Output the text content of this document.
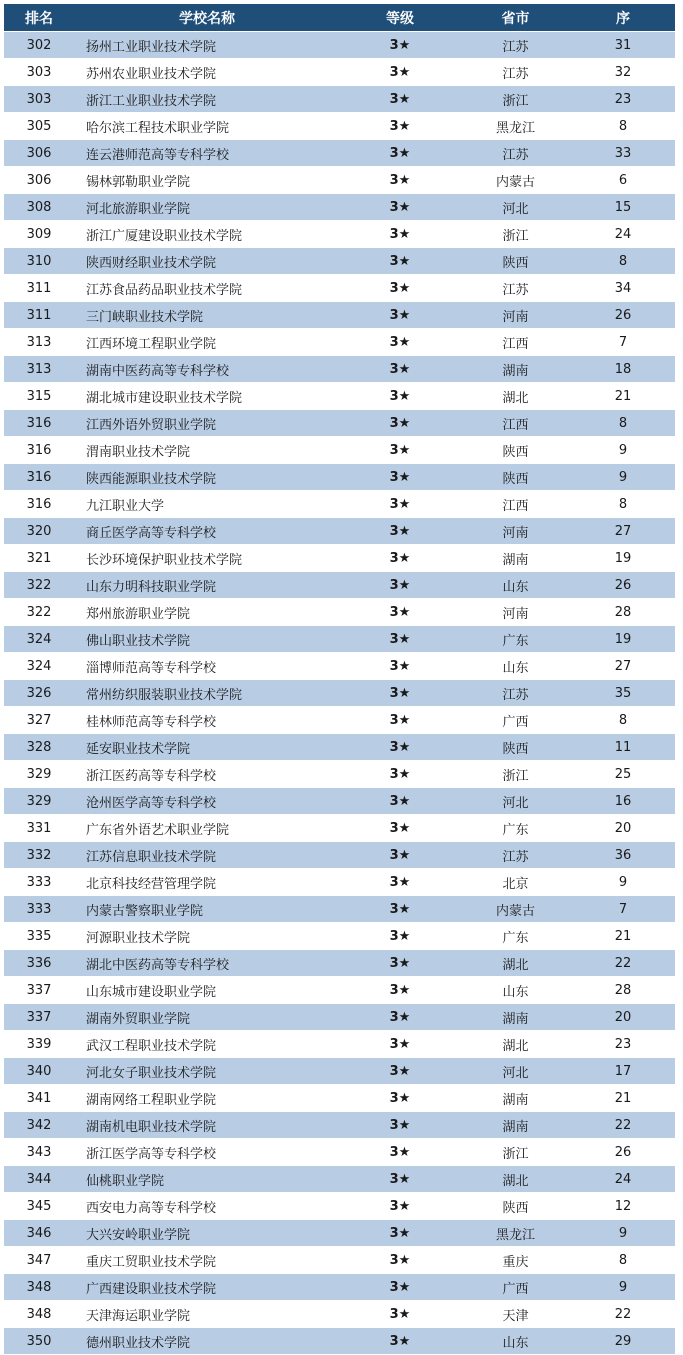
排名	学校名称	等级	省市	序
302	扬州工业职业技术学院	3★	江苏	31
303	苏州农业职业技术学院	3★	江苏	32
303	浙江工业职业技术学院	3★	浙江	23
305	哈尔滨工程技术职业学院	3★	黑龙江	8
306	连云港师范高等专科学校	3★	江苏	33
306	锡林郭勒职业学院	3★	内蒙古	6
308	河北旅游职业学院	3★	河北	15
309	浙江广厦建设职业技术学院	3★	浙江	24
310	陕西财经职业技术学院	3★	陕西	8
311	江苏食品药品职业技术学院	3★	江苏	34
311	三门峡职业技术学院	3★	河南	26
313	江西环境工程职业学院	3★	江西	7
313	湖南中医药高等专科学校	3★	湖南	18
315	湖北城市建设职业技术学院	3★	湖北	21
316	江西外语外贸职业学院	3★	江西	8
316	渭南职业技术学院	3★	陕西	9
316	陕西能源职业技术学院	3★	陕西	9
316	九江职业大学	3★	江西	8
320	商丘医学高等专科学校	3★	河南	27
321	长沙环境保护职业技术学院	3★	湖南	19
322	山东力明科技职业学院	3★	山东	26
322	郑州旅游职业学院	3★	河南	28
324	佛山职业技术学院	3★	广东	19
324	淄博师范高等专科学校	3★	山东	27
326	常州纺织服装职业技术学院	3★	江苏	35
327	桂林师范高等专科学校	3★	广西	8
328	延安职业技术学院	3★	陕西	11
329	浙江医药高等专科学校	3★	浙江	25
329	沧州医学高等专科学校	3★	河北	16
331	广东省外语艺术职业学院	3★	广东	20
332	江苏信息职业技术学院	3★	江苏	36
333	北京科技经营管理学院	3★	北京	9
333	内蒙古警察职业学院	3★	内蒙古	7
335	河源职业技术学院	3★	广东	21
336	湖北中医药高等专科学校	3★	湖北	22
337	山东城市建设职业学院	3★	山东	28
337	湖南外贸职业学院	3★	湖南	20
339	武汉工程职业技术学院	3★	湖北	23
340	河北女子职业技术学院	3★	河北	17
341	湖南网络工程职业学院	3★	湖南	21
342	湖南机电职业技术学院	3★	湖南	22
343	浙江医学高等专科学校	3★	浙江	26
344	仙桃职业学院	3★	湖北	24
345	西安电力高等专科学校	3★	陕西	12
346	大兴安岭职业学院	3★	黑龙江	9
347	重庆工贸职业技术学院	3★	重庆	8
348	广西建设职业技术学院	3★	广西	9
348	天津海运职业学院	3★	天津	22
350	德州职业技术学院	3★	山东	29
